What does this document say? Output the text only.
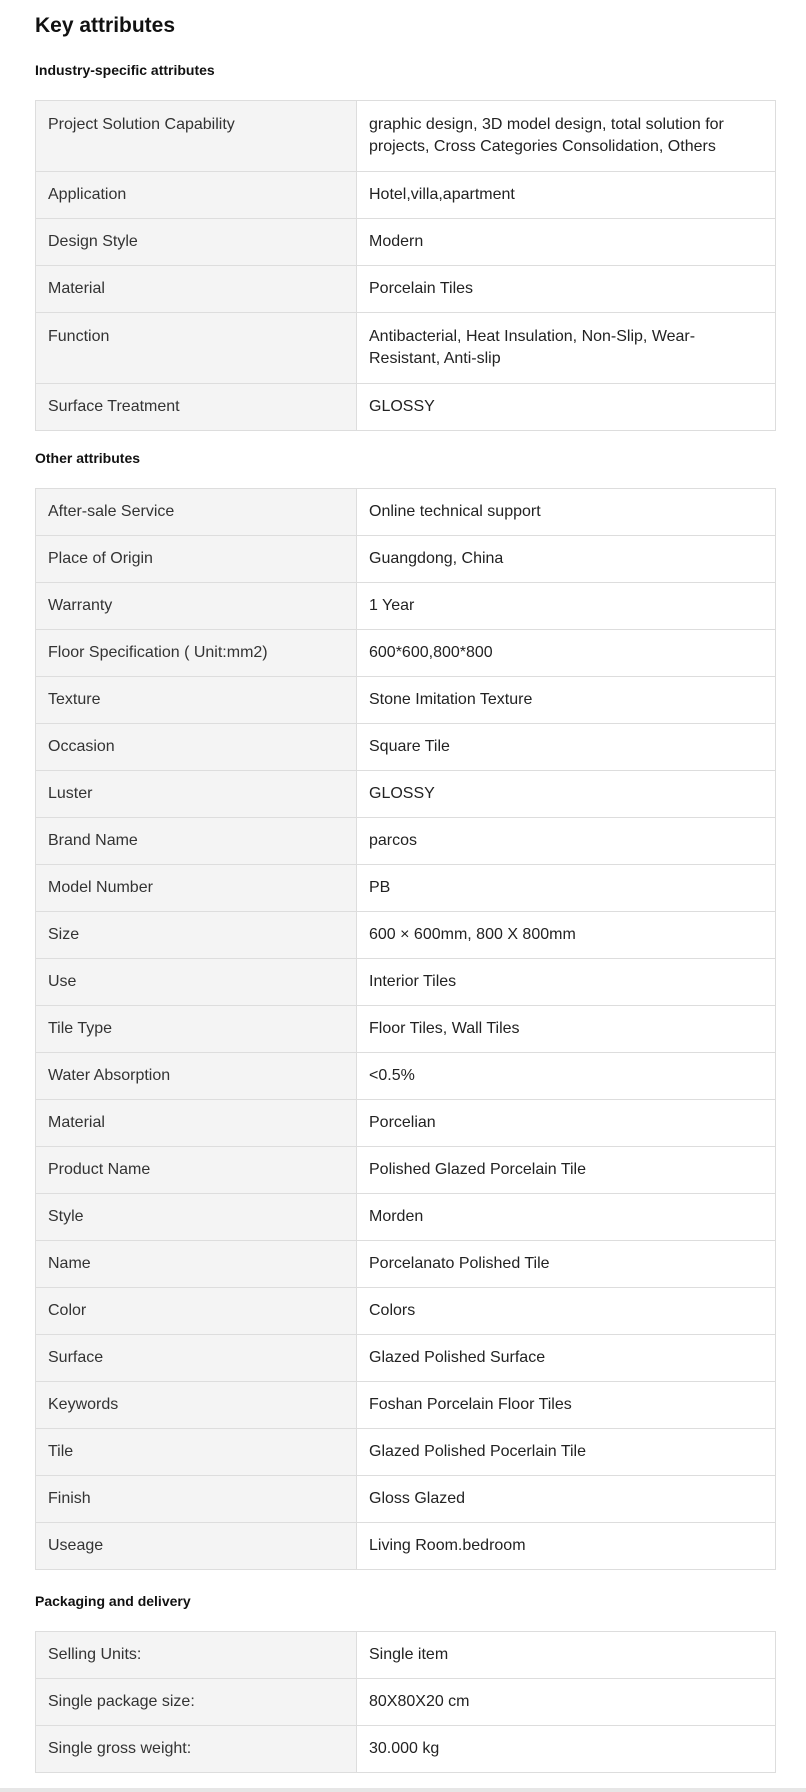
Key attributes
Industry-specific attributes
Project Solution Capability	graphic design, 3D model design, total solution for projects, Cross Categories Consolidation, Others
Application	Hotel,villa,apartment
Design Style	Modern
Material	Porcelain Tiles
Function	Antibacterial, Heat Insulation, Non-Slip, Wear-Resistant, Anti-slip
Surface Treatment	GLOSSY
Other attributes
After-sale Service	Online technical support
Place of Origin	Guangdong, China
Warranty	1 Year
Floor Specification ( Unit:mm2)	600*600,800*800
Texture	Stone Imitation Texture
Occasion	Square Tile
Luster	GLOSSY
Brand Name	parcos
Model Number	PB
Size	600 × 600mm, 800 X 800mm
Use	Interior Tiles
Tile Type	Floor Tiles, Wall Tiles
Water Absorption	<0.5%
Material	Porcelian
Product Name	Polished Glazed Porcelain Tile
Style	Morden
Name	Porcelanato Polished Tile
Color	Colors
Surface	Glazed Polished Surface
Keywords	Foshan Porcelain Floor Tiles
Tile	Glazed Polished Pocerlain Tile
Finish	Gloss Glazed
Useage	Living Room.bedroom
Packaging and delivery
Selling Units:	Single item
Single package size:	80X80X20 cm
Single gross weight:	30.000 kg
